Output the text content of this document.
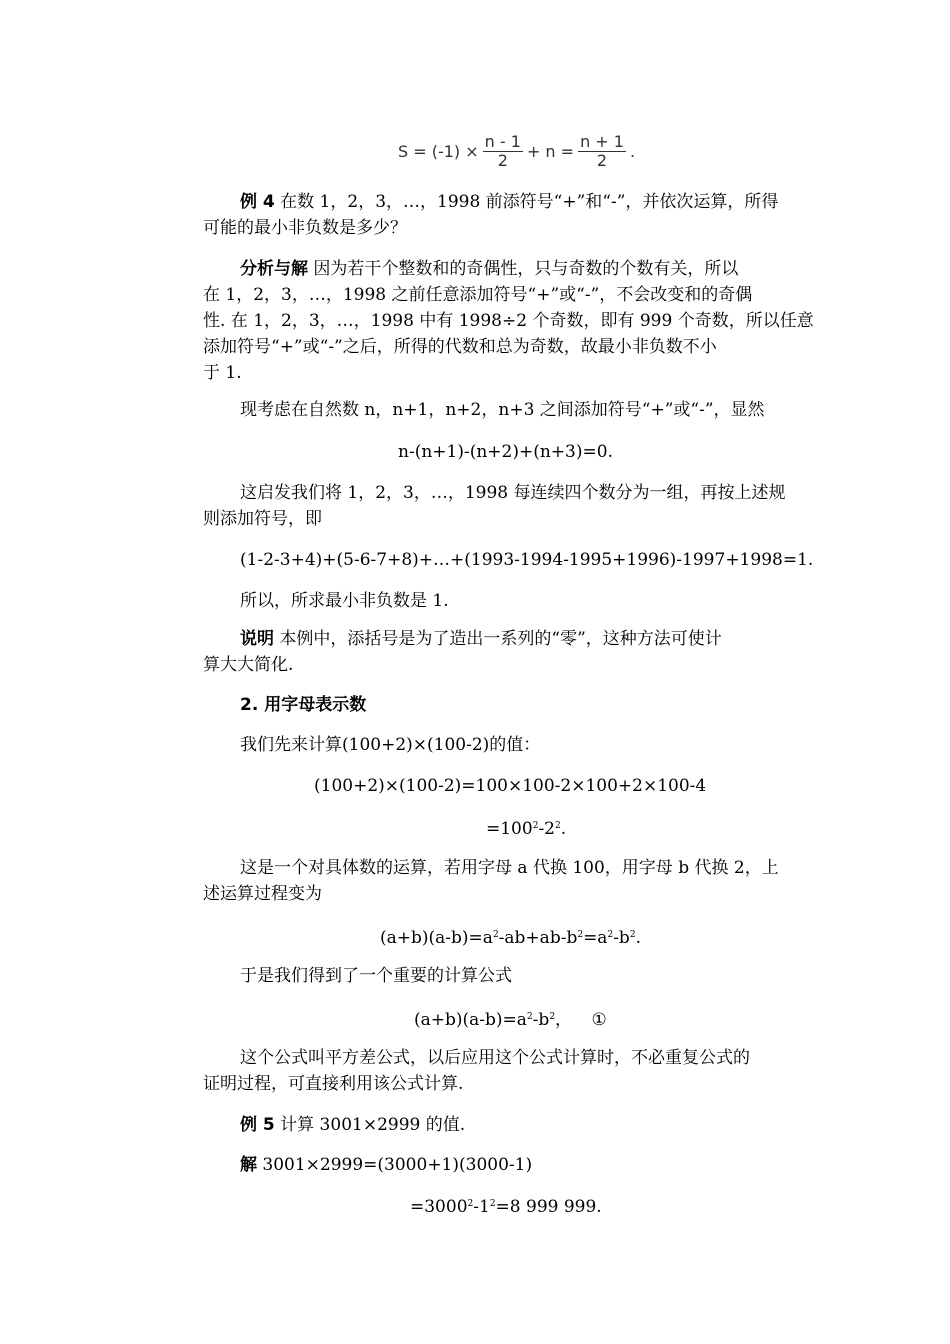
$S = (-1) \times \frac{n - 1}{2} + n = \frac{n + 1}{2}$ .
例 4 在数 1，2，3，…，1998 前添符号“+”和“-”，并依次运算，所得
可能的最小非负数是多少？
分析与解 因为若干个整数和的奇偶性，只与奇数的个数有关，所以
在 1，2，3，…，1998 之前任意添加符号“+”或“-”，不会改变和的奇偶
性. 在 1，2，3，…，1998 中有 1998÷2 个奇数，即有 999 个奇数，所以任意
添加符号“+”或“-”之后，所得的代数和总为奇数，故最小非负数不小
于 1.
现考虑在自然数 n，n+1，n+2，n+3 之间添加符号“+”或“-”，显然
n-(n+1)-(n+2)+(n+3)=0.
这启发我们将 1，2，3，…，1998 每连续四个数分为一组，再按上述规
则添加符号，即
(1-2-3+4)+(5-6-7+8)+…+(1993-1994-1995+1996)-1997+1998=1.
所以，所求最小非负数是 1.
说明 本例中，添括号是为了造出一系列的“零”，这种方法可使计
算大大简化.
2. 用字母表示数
我们先来计算(100+2)×(100-2)的值：
(100+2)×(100-2)=100×100-2×100+2×100-4
$=100^2-2^2$.
这是一个对具体数的运算，若用字母 a 代换 100，用字母 b 代换 2，上
述运算过程变为
$(a+b)(a-b)=a^2-ab+ab-b^2=a^2-b^2$.
于是我们得到了一个重要的计算公式
$(a+b)(a-b)=a^2-b^2$， ①
这个公式叫平方差公式，以后应用这个公式计算时，不必重复公式的
证明过程，可直接利用该公式计算.
例 5 计算 3001×2999 的值.
解 3001×2999=(3000+1)(3000-1)
$=3000^2-1^2=8$ 999 999.
